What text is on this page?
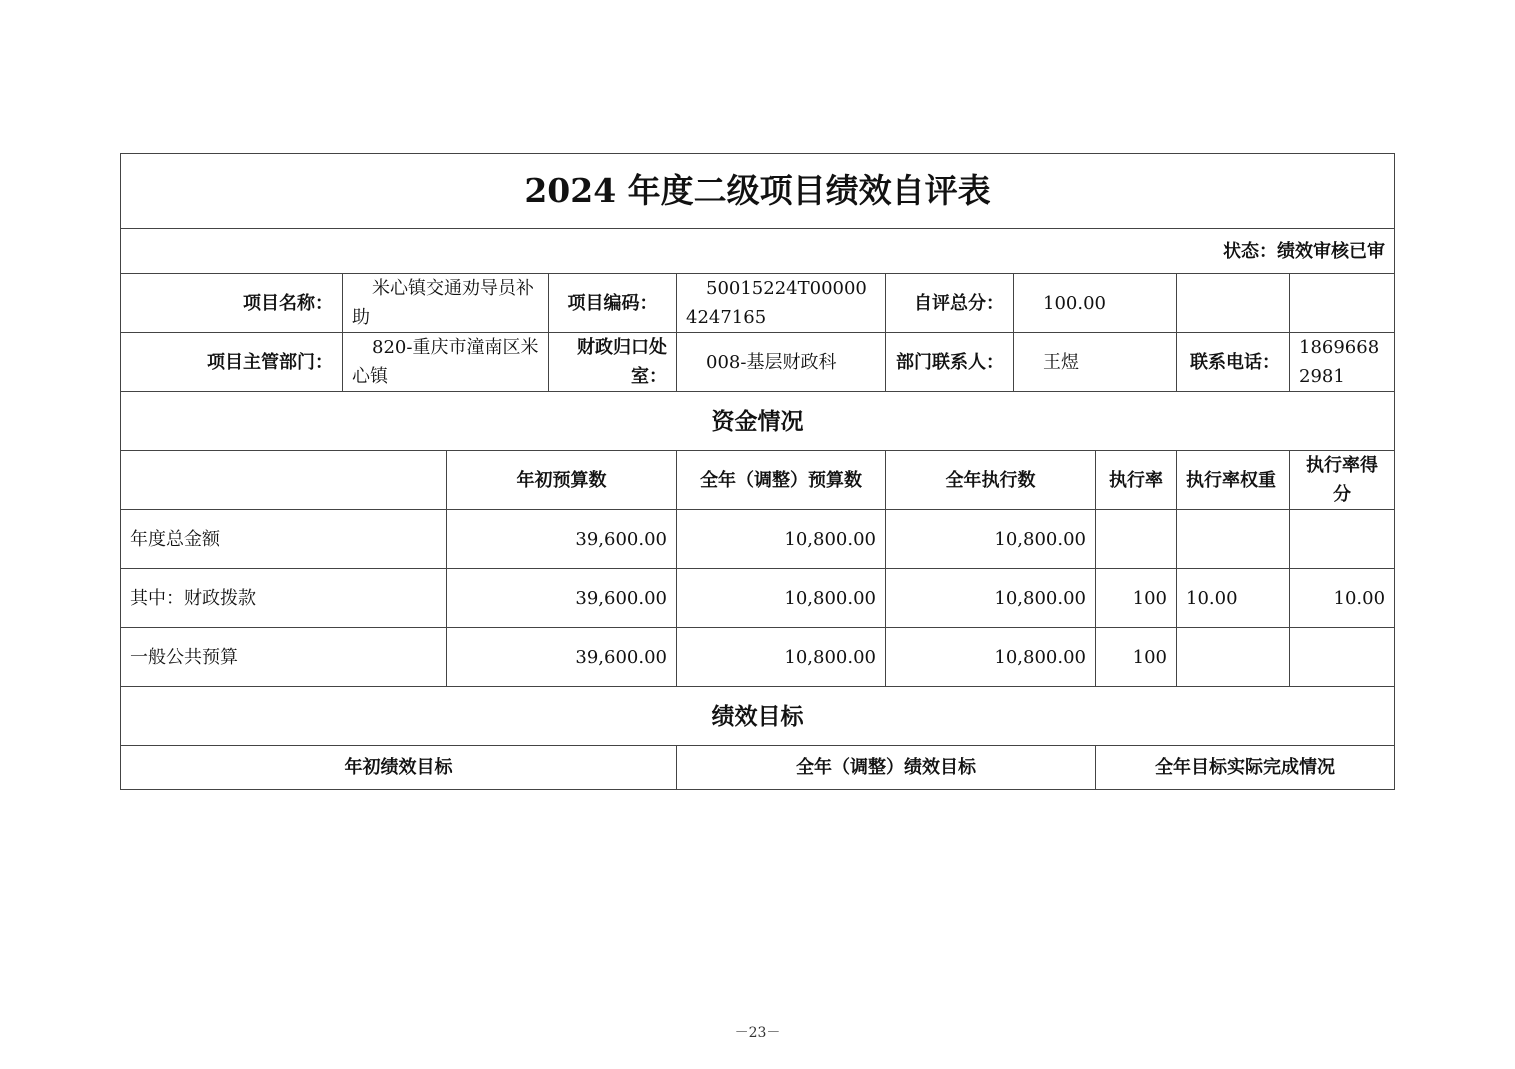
2024 年度二级项目绩效自评表									
状态：绩效审核已审									
项目名称：	米心镇交通劝导员补助		项目编码：	50015224T000004247165	自评总分：	100.00			
项目主管部门：	820-重庆市潼南区米心镇		财政归口处室：	008-基层财政科	部门联系人：	王煜		联系电话：	18696682981
资金情况									
		年初预算数		全年（调整）预算数	全年执行数		执行率	执行率权重	执行率得分
年度总金额		39,600.00		10,800.00	10,800.00				
其中：财政拨款		39,600.00		10,800.00	10,800.00		100	10.00	10.00
一般公共预算		39,600.00		10,800.00	10,800.00		100		
绩效目标									
年初绩效目标				全年（调整）绩效目标			全年目标实际完成情况		
－23－
